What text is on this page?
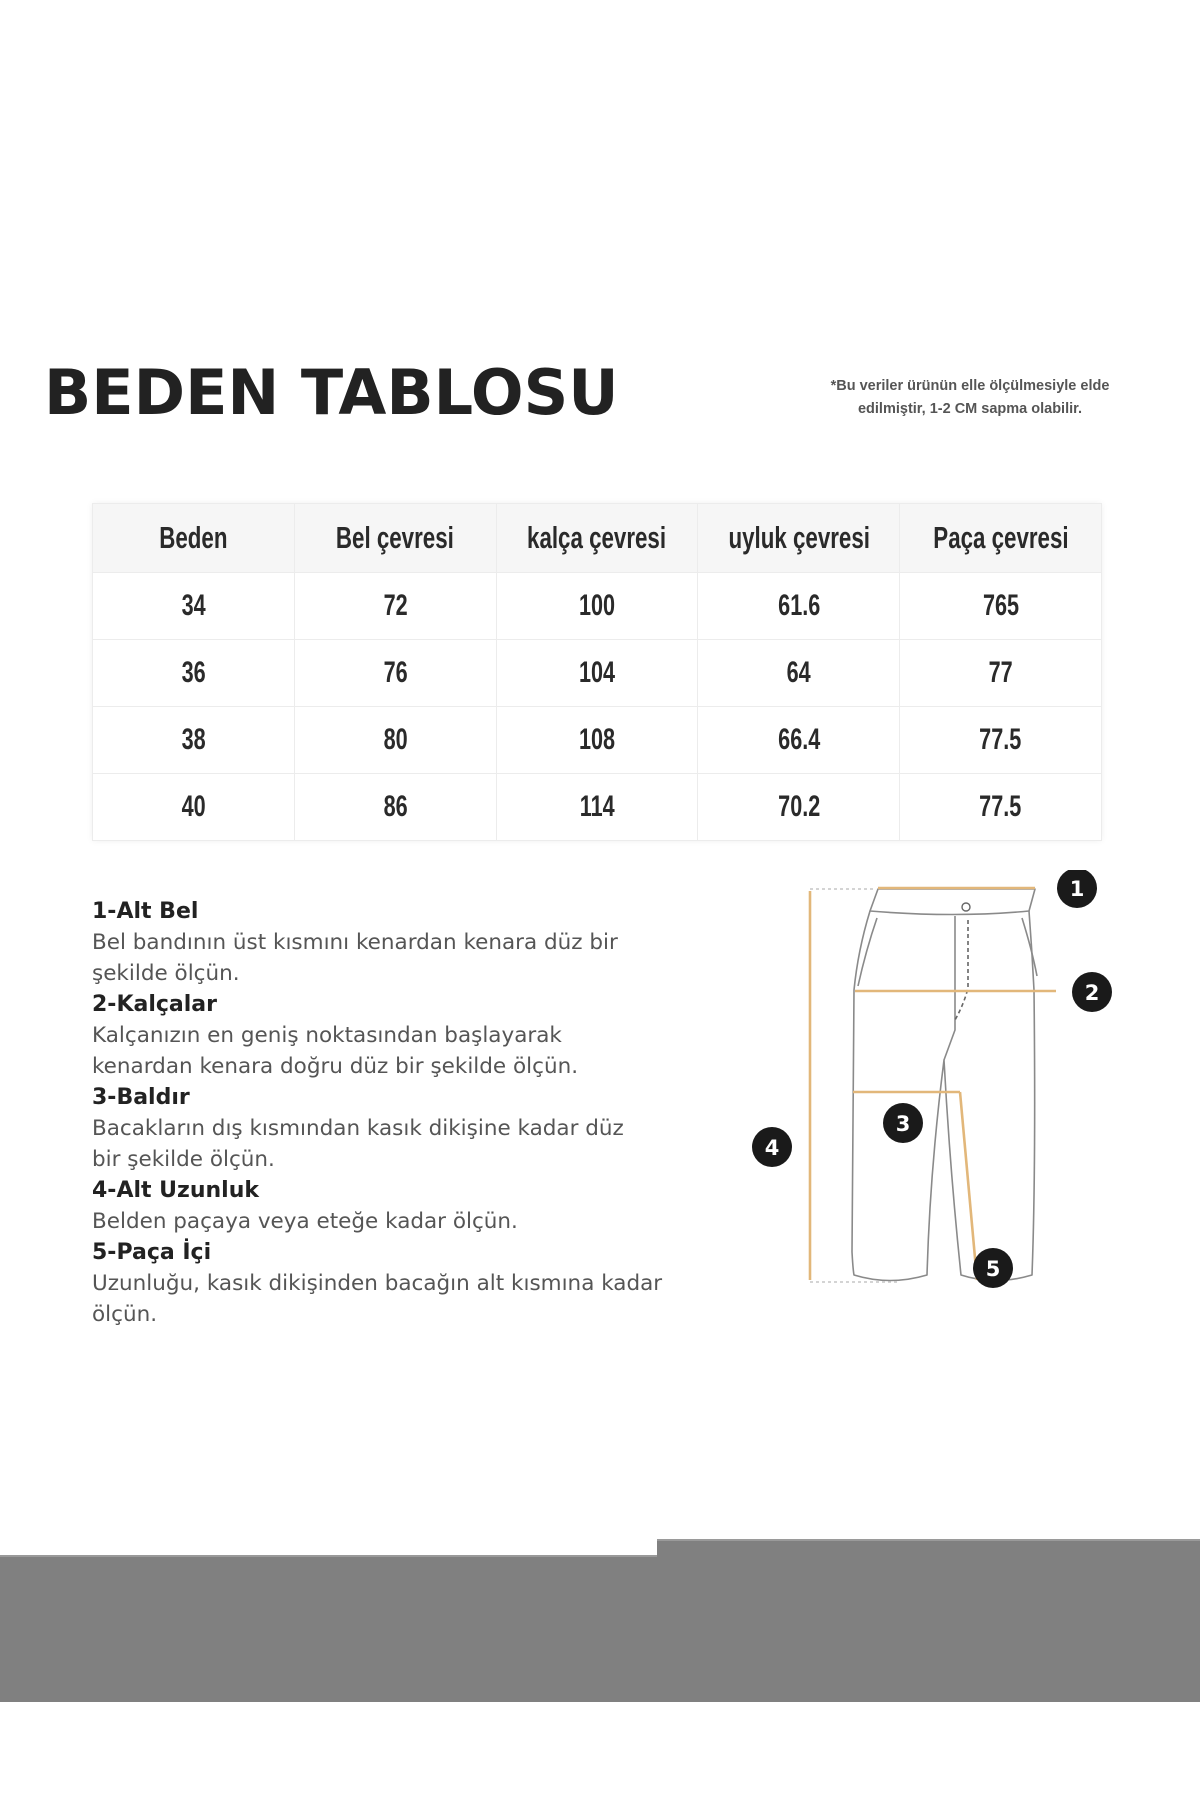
BEDEN TABLOSU	*Bu veriler ürünün elle ölçülmesiyle elde edilmiştir, 1-2 CM sapma olabilir.
Beden	Bel çevresi	kalça çevresi	uyluk çevresi	Paça çevresi
34	72	100	61.6	765
36	76	104	64	77
38	80	108	66.4	77.5
40	86	114	70.2	77.5
1-Alt Bel

Bel bandının üst kısmını kenardan kenara düz bir şekilde ölçün.

2-Kalçalar

Kalçanızın en geniş noktasından başlayarak kenardan kenara doğru düz bir şekilde ölçün.

3-Baldır

Bacakların dış kısmından kasık dikişine kadar düz bir şekilde ölçün.

4-Alt Uzunluk

Belden paçaya veya eteğe kadar ölçün.

5-Paça İçi

Uzunluğu, kasık dikişinden bacağın alt kısmına kadar ölçün.

1
2
3
4
5
